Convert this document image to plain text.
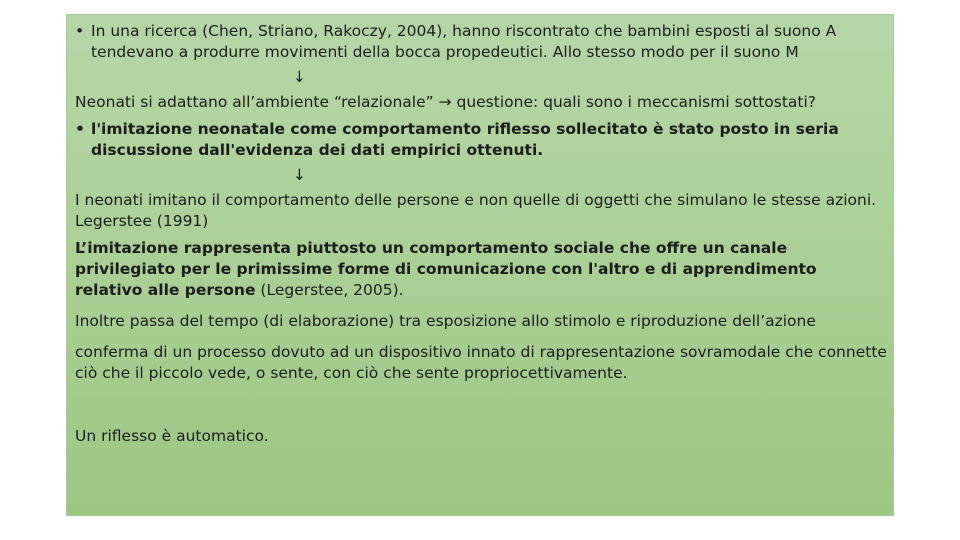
• In una ricerca (Chen, Striano, Rakoczy, 2004), hanno riscontrato che bambini esposti al suono A tendevano a produrre movimenti della bocca propedeutici. Allo stesso modo per il suono M

↓

Neonati si adattano all’ambiente “relazionale” → questione: quali sono i meccanismi sottostati?

• l'imitazione neonatale come comportamento riflesso sollecitato è stato posto in seria discussione dall'evidenza dei dati empirici ottenuti.

↓

I neonati imitano il comportamento delle persone e non quelle di oggetti che simulano le stesse azioni. Legerstee (1991)

L’imitazione rappresenta piuttosto un comportamento sociale che offre un canale privilegiato per le primissime forme di comunicazione con l'altro e di apprendimento relativo alle persone (Legerstee, 2005).

Inoltre passa del tempo (di elaborazione) tra esposizione allo stimolo e riproduzione dell’azione

conferma di un processo dovuto ad un dispositivo innato di rappresentazione sovramodale che connette ciò che il piccolo vede, o sente, con ciò che sente propriocettivamente.

Un riflesso è automatico.
